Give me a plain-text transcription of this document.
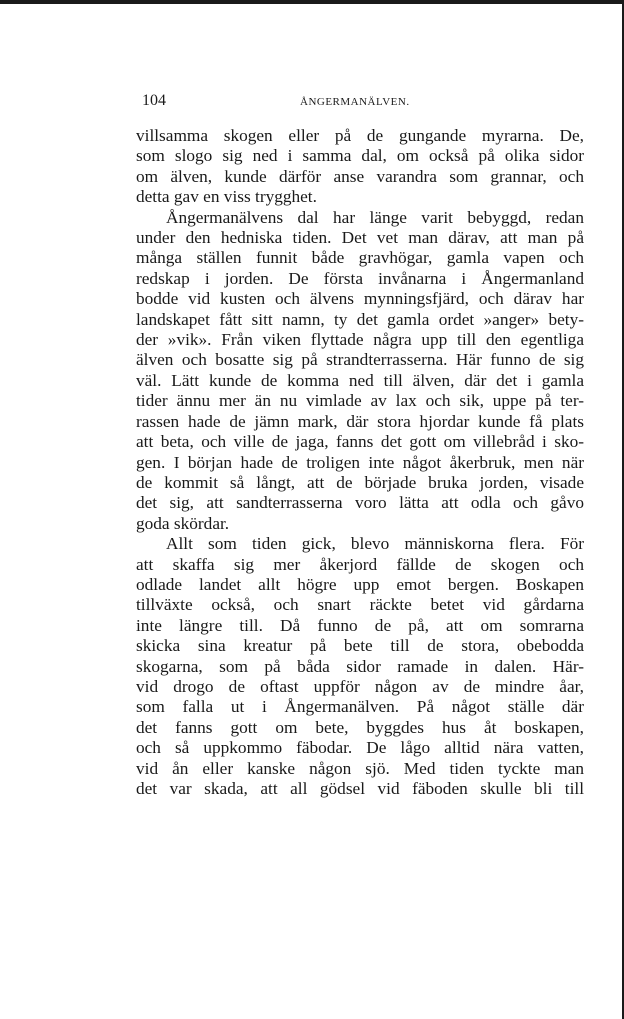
104	ÅNGERMANÄLVEN.
villsamma skogen eller på de gungande myrarna. De,
som slogo sig ned i samma dal, om också på olika sidor
om älven, kunde därför anse varandra som grannar, och
detta gav en viss trygghet.
Ångermanälvens dal har länge varit bebyggd, redan
under den hedniska tiden. Det vet man därav, att man på
många ställen funnit både gravhögar, gamla vapen och
redskap i jorden. De första invånarna i Ångermanland
bodde vid kusten och älvens mynningsfjärd, och därav har
landskapet fått sitt namn, ty det gamla ordet »anger» bety-
der »vik». Från viken flyttade några upp till den egentliga
älven och bosatte sig på strandterrasserna. Här funno de sig
väl. Lätt kunde de komma ned till älven, där det i gamla
tider ännu mer än nu vimlade av lax och sik, uppe på ter-
rassen hade de jämn mark, där stora hjordar kunde få plats
att beta, och ville de jaga, fanns det gott om villebråd i sko-
gen. I början hade de troligen inte något åkerbruk, men när
de kommit så långt, att de började bruka jorden, visade
det sig, att sandterrasserna voro lätta att odla och gåvo
goda skördar.
Allt som tiden gick, blevo människorna flera. För
att skaffa sig mer åkerjord fällde de skogen och
odlade landet allt högre upp emot bergen. Boskapen
tillväxte också, och snart räckte betet vid gårdarna
inte längre till. Då funno de på, att om somrarna
skicka sina kreatur på bete till de stora, obebodda
skogarna, som på båda sidor ramade in dalen. Här-
vid drogo de oftast uppför någon av de mindre åar,
som falla ut i Ångermanälven. På något ställe där
det fanns gott om bete, byggdes hus åt boskapen,
och så uppkommo fäbodar. De lågo alltid nära vatten,
vid ån eller kanske någon sjö. Med tiden tyckte man
det var skada, att all gödsel vid fäboden skulle bli till
